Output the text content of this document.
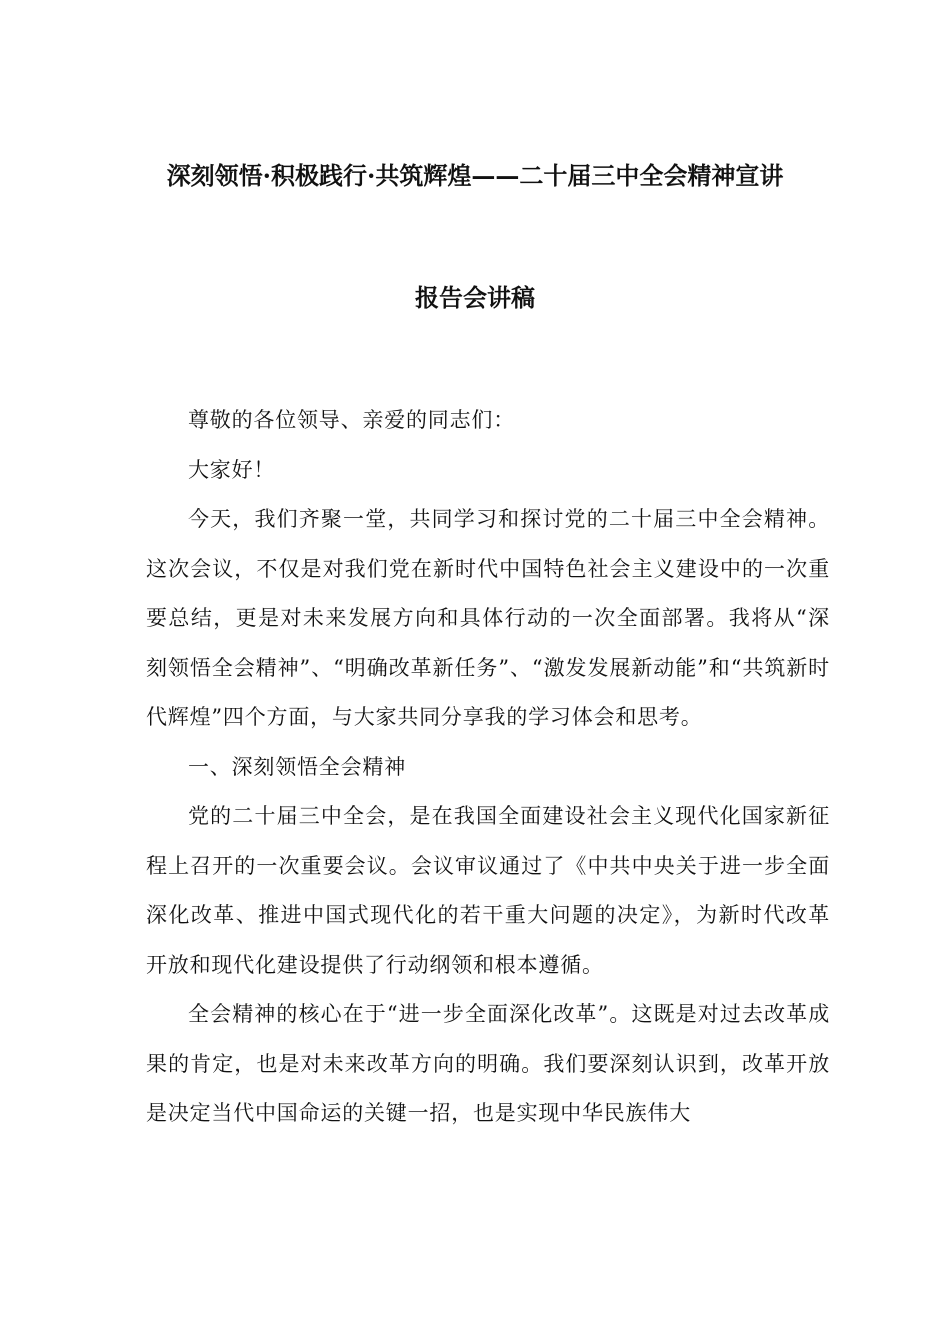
深刻领悟·积极践行·共筑辉煌——二十届三中全会精神宣讲
报告会讲稿

尊敬的各位领导、亲爱的同志们：

大家好！

今天，我们齐聚一堂，共同学习和探讨党的二十届三中全会精神。这次会议，不仅是对我们党在新时代中国特色社会主义建设中的一次重要总结，更是对未来发展方向和具体行动的一次全面部署。我将从“深刻领悟全会精神”、“明确改革新任务”、“激发发展新动能”和“共筑新时代辉煌”四个方面，与大家共同分享我的学习体会和思考。

一、深刻领悟全会精神

党的二十届三中全会，是在我国全面建设社会主义现代化国家新征程上召开的一次重要会议。会议审议通过了《中共中央关于进一步全面深化改革、推进中国式现代化的若干重大问题的决定》，为新时代改革开放和现代化建设提供了行动纲领和根本遵循。

全会精神的核心在于“进一步全面深化改革”。这既是对过去改革成果的肯定，也是对未来改革方向的明确。我们要深刻认识到，改革开放是决定当代中国命运的关键一招，也是实现中华民族伟大
